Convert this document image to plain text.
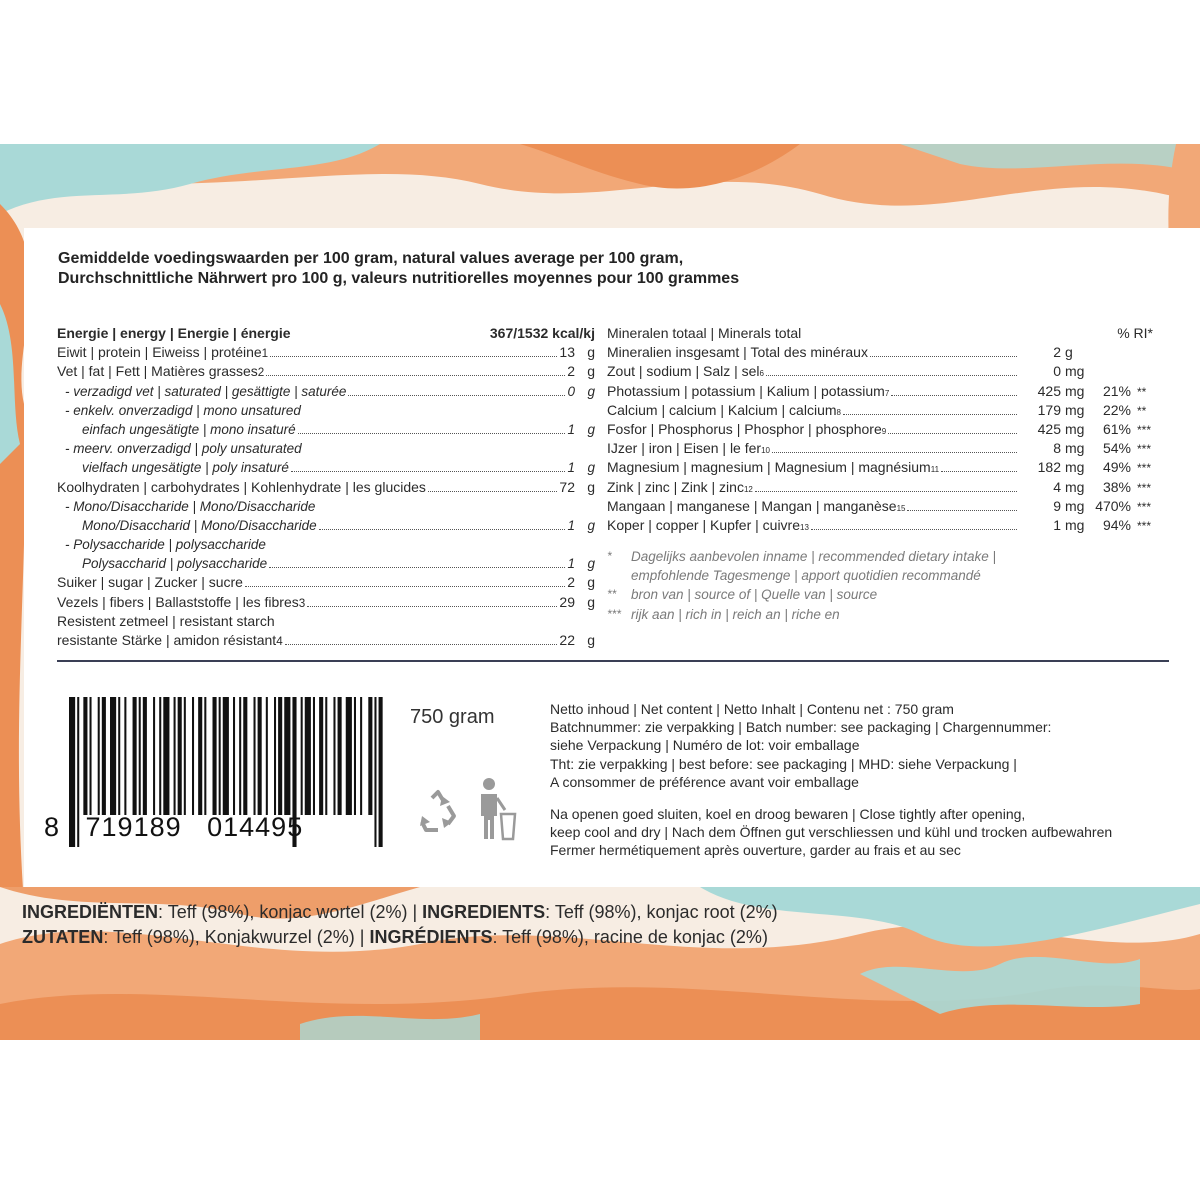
Gemiddelde voedingswaarden per 100 gram, natural values average per 100 gram,
Durchschnittliche Nährwert pro 100 g, valeurs nutritiorelles moyennes pour 100 grammes
Energie | energy | Energie | énergie	367/1532 kcal/kj
Eiwit | protein | Eiweiss | protéine 1	13 g
Vet | fat | Fett | Matières grasses 2	2 g
- verzadigd vet | saturated | gesättigte | saturée	0 g
- enkelv. onverzadigd | mono unsatured
einfach ungesätigte | mono insaturé	1 g
- meerv. onverzadigd | poly unsaturated
vielfach ungesätigte | poly insaturé	1 g
Koolhydraten | carbohydrates | Kohlenhydrate | les glucides	72 g
- Mono/Disaccharide | Mono/Disaccharide
Mono/Disaccharid | Mono/Disaccharide	1 g
- Polysaccharide | polysaccharide
Polysaccharid | polysaccharide	1 g
Suiker | sugar | Zucker | sucre	2 g
Vezels | fibers | Ballaststoffe | les fibres 3	29 g
Resistent zetmeel | resistant starch
resistante Stärke | amidon résistant 4	22 g
Mineralen totaal | Minerals total	% RI*
Mineralien insgesamt | Total des minéraux	2 g
Zout | sodium | Salz | sel 6	0 mg
Photassium | potassium | Kalium | potassium 7	425 mg	21% **
Calcium | calcium | Kalcium | calcium 8	179 mg	22% **
Fosfor | Phosphorus | Phosphor | phosphore 9	425 mg	61% ***
IJzer | iron | Eisen | le fer 10	8 mg	54% ***
Magnesium | magnesium | Magnesium | magnésium 11	182 mg	49% ***
Zink | zinc | Zink | zinc 12	4 mg	38% ***
Mangaan | manganese | Mangan | manganèse 15	9 mg 470% ***
Koper | copper | Kupfer | cuivre 13	1 mg	94% ***
*	Dagelijks aanbevolen inname | recommended dietary intake |
empfohlende Tagesmenge | apport quotidien recommandé
**	bron van | source of | Quelle van | source
*** rijk aan | rich in | reich an | riche en
8   719189   014495
750 gram	Netto inhoud | Net content | Netto Inhalt | Contenu net : 750 gram
Batchnummer: zie verpakking | Batch number: see packaging | Chargennummer:
siehe Verpackung | Numéro de lot: voir emballage
Tht: zie verpakking | best before: see packaging | MHD: siehe Verpackung |
A consommer de préférence avant voir emballage
Na openen goed sluiten, koel en droog bewaren | Close tightly after opening,
keep cool and dry | Nach dem Öffnen gut verschliessen und kühl und trocken aufbewahren
Fermer hermétiquement après ouverture, garder au frais et au sec
INGREDIËNTEN: Teff (98%), konjac wortel (2%) | INGREDIENTS: Teff (98%), konjac root (2%)
ZUTATEN: Teff (98%), Konjakwurzel (2%) | INGRÉDIENTS: Teff (98%), racine de konjac (2%)
